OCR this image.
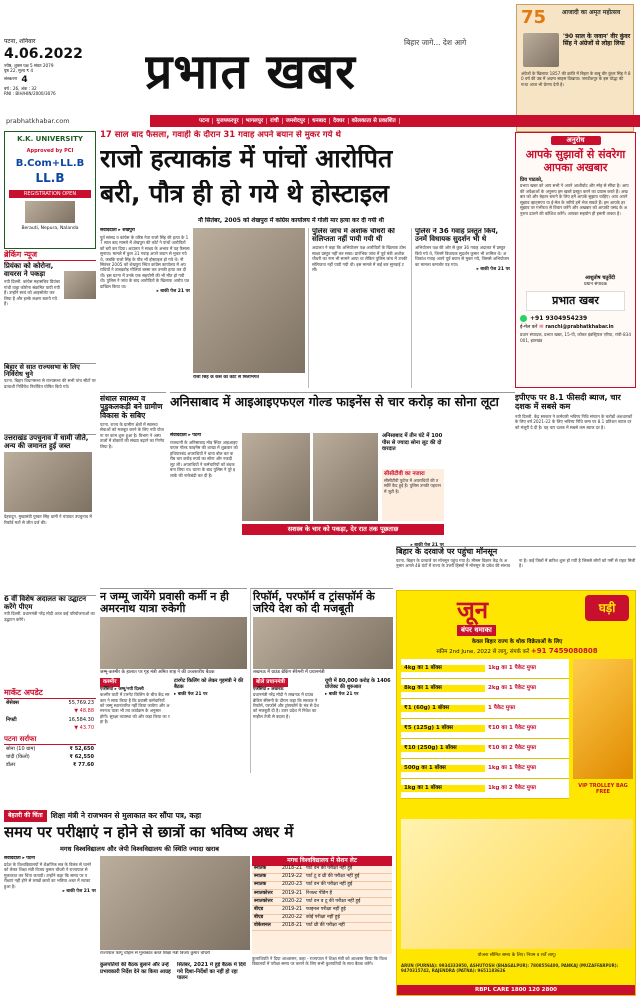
पटना, शनिवार
4.06.2022
ज्येष्ठ, शुक्ल पक्ष 5 संवत 2079
पृष्ठ 22, मूल्य ₹ 4
संस्करण 4
वर्ष : 26, अंक : 32
RNI : BIH/HIN/2000/3076	प्रभात खबर
बिहार जागे... देश आगे
75	आजादी का अमृत महोत्सव
'90 साल के जवान' वीर कुंवर सिंह ने अंग्रेजों से लोहा लिया
अंग्रेजों के खिलाफ 1857 की क्रांति में बिहार के बाबू वीर कुंवर सिंह ने 80 वर्ष की उम्र में अदम्य साहस दिखाया। जगदीशपुर के इस योद्धा की गाथा आज भी प्रेरणा देती है।
prabhatkhabar.com	पटना	मुजफ्फरपुर	भागलपुर	रांची	जमशेदपुर	धनबाद	देवघर	कोलकाता से प्रकाशित
K.K. UNIVERSITY
Approved by PCI
B.Com+LL.B
LL.B
REGISTRATION OPEN
Berauti, Nepura, Nalanda
ब्रेकिंग न्यूज
प्रियंका को कोरोना, वायरस ने पकड़ा
नयी दिल्ली. कांग्रेस महासचिव प्रियंका गांधी वाड्रा कोरोना संक्रमित पायी गयी हैं। उन्होंने स्वयं को आइसोलेट कर लिया है और हल्के लक्षण बताये गये हैं।
बिहार से सात राज्यसभा के लिए निर्विरोध चुने
पटना. बिहार विधानसभा से राज्यसभा की सभी पांच सीटों पर प्रत्याशी निर्विरोध निर्वाचित घोषित किये गये।
उत्तराखंड उपचुनाव में धामी जीते, अन्य की जमानत हुई जब्त
देहरादून. मुख्यमंत्री पुष्कर सिंह धामी ने चंपावत उपचुनाव में रिकॉर्ड मतों से जीत दर्ज की।
6 वीं विशेष अदालत का उद्घाटन करेंगे पीएम
नयी दिल्ली. प्रधानमंत्री नरेंद्र मोदी आज कई परियोजनाओं का उद्घाटन करेंगे।
मार्केट अपडेट
सेंसेक्स	55,769.23
▼ 48.88
निफ्टी	16,584.30
▼ 43.70
पटना सर्राफा
सोना (10 ग्राम)	₹ 52,650
चांदी (किलो)	₹ 62,550
डॉलर	₹ 77.60
17 साल बाद फैसला, गवाही के दौरान 31 गवाह अपने बयान से मुकर गये थे
राजो हत्याकांड में पांचों आरोपित
बरी, पौत्र ही हो गये थे होस्टाइल
नौ सितंबर, 2005 को शेखपुरा में कांग्रेस कार्यालय में गोली मार हत्या कर दी गयी थी
संवाददाता ▸ शेखपुरा
पूर्व सांसद व कांग्रेस के वरिष्ठ नेता राजो सिंह की हत्या के 17 साल बाद मामले में शेखपुरा की कोर्ट ने पांचों आरोपितों को बरी कर दिया। अदालत ने साक्ष्य के अभाव में यह फैसला सुनाया। मामले में कुल 31 गवाह अपने बयान से मुकर गये थे, जबकि राजो सिंह के पौत्र भी होस्टाइल हो गये थे। नौ सितंबर 2005 को शेखपुरा स्थित कांग्रेस कार्यालय में अपराधियों ने ताबड़तोड़ गोलियां बरसा कर उनकी हत्या कर दी थी। इस घटना में उनके एक सहयोगी की भी मौत हो गयी थी। पुलिस ने जांच के बाद आरोपितों के खिलाफ आरोप पत्र दाखिल किया था।
▸ बाकी पेज 21 पर
राजो सिंह के केस का कोर्ट से मिलीभगत
पुलिस जांच में अशोक चौधरी की संलिप्तता नहीं पायी गयी थी
अदालत ने कहा कि अभियोजन पक्ष आरोपितों के खिलाफ ठोस साक्ष्य प्रस्तुत नहीं कर सका। प्रारंभिक जांच में पूर्व मंत्री अशोक चौधरी का नाम भी सामने आया था लेकिन पुलिस जांच में उनकी संलिप्तता नहीं पायी गयी थी। इस मामले में कई बार सुनवाई टली।
पुलिस ने 36 गवाह प्रस्तुत किये, उनमें विधायक सुदर्शन भी थे
अभियोजन पक्ष की ओर से कुल 36 गवाह अदालत में प्रस्तुत किये गये थे, जिनमें विधायक सुदर्शन कुमार भी शामिल थे। अधिकांश गवाह अपने पूर्व बयान से मुकर गये, जिससे अभियोजन का मामला कमजोर पड़ गया।
▸ बाकी पेज 21 पर
संथाल स्वास्थ्य व पुडुकलकड़ी बने ग्रामीण विकास के सबिए
पटना. राज्य के ग्रामीण क्षेत्रों में स्वास्थ्य सेवाओं को मजबूत करने के लिए नयी योजना पर काम शुरू हुआ है। विभाग ने अस्पतालों में डॉक्टरों की संख्या बढ़ाने का निर्णय लिया है।
अनिसाबाद में आइआइएफएल गोल्ड फाइनेंस से चार करोड़ का सोना लूटा
संवाददाता ▸ पटना
राजधानी के अनिसाबाद मोड़ स्थित आइआइएफएल गोल्ड फाइनेंस की शाखा में शुक्रवार को हथियारबंद अपराधियों ने धावा बोल कर करीब चार करोड़ रुपये का सोना और नकदी लूट ली। अपराधियों ने कर्मचारियों को बंधक बना लिया था। घटना के बाद पुलिस ने पूरे इलाके की नाकेबंदी कर दी है।
अनिसाबाद में तीन घंटे में 100 पीस से ज्यादा सोना लूट की दो वारदात
सीसीटीवी का नजारा
सीसीटीवी फुटेज में अपराधियों की तस्वीरें कैद हुई हैं। पुलिस उनकी पहचान में जुटी है।
सशस्त्र के चार को पकड़ा, देर रात तक पूछताछ
▸ बाकी पेज 21 पर
इपीएफ पर 8.1 फीसदी ब्याज, चार दशक में सबसे कम
नयी दिल्ली. केंद्र सरकार ने कर्मचारी भविष्य निधि संगठन के करोड़ों अंशधारकों के लिए वर्ष 2021-22 के लिए भविष्य निधि जमा पर 8.1 प्रतिशत ब्याज दर को मंजूरी दे दी है। यह चार दशक में सबसे कम ब्याज दर है।
अनुरोध
आपके सुझावों से संवरेगा आपका अखबार
प्रिय पाठको,
प्रभात खबर को आप सभी ने अपने आशीर्वाद और स्नेह से सींचा है। आपकी अपेक्षाओं के अनुरूप हम खबरें प्रस्तुत करने का प्रयास करते हैं। अखबार को और बेहतर बनाने के लिए हमें आपके सुझाव चाहिए। आप अपने सुझाव व्हाट्सएप या ई-मेल के जरिये हमें भेज सकते हैं। हम आपके हर सुझाव पर गंभीरता से विचार करेंगे और अखबार को आपकी पसंद के अनुरूप ढालने की कोशिश करेंगे। आपका सहयोग ही हमारी ताकत है।
आशुतोष चतुर्वेदी
प्रधान संपादक
प्रभात खबर
+91 9304954239
ई-मेल करें ✉ ranchi@prabhatkhabar.in
प्रधान संपादक, प्रभात खबर, 15-पी, कोकर इंडस्ट्रियल एरिया, रांची-834001, झारखंड
बिहार के दरवाजे पर पहुंचा मॉनसून
पटना. बिहार के दरवाजे पर मॉनसून पहुंच गया है। मौसम विज्ञान केंद्र के अनुसार अगले 48 घंटों में राज्य के उत्तरी हिस्सों में मॉनसून के प्रवेश की संभावना है। कई जिलों में बारिश शुरू हो गयी है जिससे लोगों को गर्मी से राहत मिली है।
न जम्मू जायेंगे प्रवासी कर्मी न ही अमरनाथ यात्रा रुकेगी
जम्मू-कश्मीर के हालात पर गृह मंत्री अमित शाह ने की उच्चस्तरीय बैठक
कश्मीर
एजेंसियां ▸ जम्मू/नयी दिल्ली
कश्मीर घाटी में टारगेट किलिंग के बीच केंद्र सरकार ने साफ किया है कि प्रवासी कर्मचारियों को जम्मू स्थानांतरित नहीं किया जायेगा और अमरनाथ यात्रा भी तय कार्यक्रम के अनुसार होगी। सुरक्षा व्यवस्था को और कड़ा किया जा रहा है।
टारगेट किलिंग को लेकर गृहमंत्री ने की बैठक
▸ बाकी पेज 21 पर
रिफॉर्म, परफॉर्म व ट्रांसफॉर्म के जरिये देश को दी मजबूती
लखनऊ में ग्राउंड ब्रेकिंग सेरेमनी में प्रधानमंत्री
बोले प्रधानमंत्री
एजेंसियां ▸ लखनऊ
प्रधानमंत्री नरेंद्र मोदी ने लखनऊ में ग्राउंड ब्रेकिंग सेरेमनी के दौरान कहा कि सरकार ने रिफॉर्म, परफॉर्म और ट्रांसफॉर्म के मंत्र से देश को मजबूती दी है। उत्तर प्रदेश में निवेश का माहौल तेजी से बदला है।
यूपी में 80,000 करोड़ के 1406 प्रोजेक्ट की शुरुआत
▸ बाकी पेज 21 पर
बेहतरी की चिंता	शिक्षा मंत्री ने राजभवन से मुलाकात कर सौंपा पत्र, कहा
समय पर परीक्षाएं न होने से छात्रों का भविष्य अधर में
मगध विश्वविद्यालय और जेपी विश्वविद्यालय की स्थिति ज्यादा खराब
संवाददाता ▸ पटना
प्रदेश के विश्वविद्यालयों में शैक्षणिक सत्र के विलंब से चलने को लेकर शिक्षा मंत्री विजय कुमार चौधरी ने राज्यपाल से मुलाकात कर चिंता जतायी। उन्होंने कहा कि समय पर परीक्षाएं नहीं होने से लाखों छात्रों का भविष्य अधर में लटका हुआ है।
▸ बाकी पेज 21 पर
राज्यपाल फागू चौहान से मुलाकात करते शिक्षा मंत्री विजय कुमार चौधरी
कुलपतियों की बैठक बुलाने और उन्हें प्रभावकारी निर्देश देने का किया आग्रह
सितंबर, 2021 में हुई बैठक में दिये गये दिशा-निर्देशों का नहीं हो रहा पालन
मगध विश्वविद्यालय में सेशन लेट
स्नातक	2018-21 पार्ट वन की परीक्षा नहीं हुई
स्नातक	2019-22 पार्ट टू व थ्री की परीक्षा नहीं हुई
स्नातक	2020-23 पार्ट वन की परीक्षा नहीं हुई
स्नातकोत्तर	2019-21 रिजल्ट पेंडिंग है
स्नातकोत्तर	2020-22 पार्ट वन व टू की परीक्षा नहीं हुई
बीएड	2019-21 फाइनल परीक्षा नहीं हुई
बीएड	2020-22 कोई परीक्षा नहीं हुई
वोकेशनल	2018-21 पार्ट थ्री की परीक्षा नहीं
कुलाधिपति ने दिया आश्वासन, कहा - राज्यपाल ने शिक्षा मंत्री को आश्वस्त किया कि विश्वविद्यालयों में परीक्षा समय पर कराने के लिए सभी कुलपतियों के साथ बैठक करेंगे।
जून
बंपर धमाका
घड़ी
केवल बिहार राज्य के थोक विक्रेताओं के लिए
स्कीम 2nd June, 2022 से लागू, संपर्क करें +91 7459080808
4kg का 1 बॉक्स	1kg का 1 पैकेट मुफ्त
8kg का 1 बॉक्स	2kg का 1 पैकेट मुफ्त
₹1 (60g) 1 बॉक्स	1 पैकेट मुफ्त
₹5 (125g) 1 बॉक्स	₹10 का 1 पैकेट मुफ्त
₹10 (250g) 1 बॉक्स	₹10 का 2 पैकेट मुफ्त
500g का 1 बॉक्स	1kg का 1 पैकेट मुफ्त
1kg का 1 बॉक्स	1kg का 2 पैकेट मुफ्त	VIP TROLLEY BAG FREE
योजना सीमित समय के लिए। नियम व शर्तें लागू।
ARUN (PURNIA): 9934333950, ASHUTOSH (BHAGALPUR): 7808556400, PANKAJ (MUZAFFARPUR): 9470315742, RAJENDRA (PATNA): 9651183626
RBPL CARE 1800 120 2800
